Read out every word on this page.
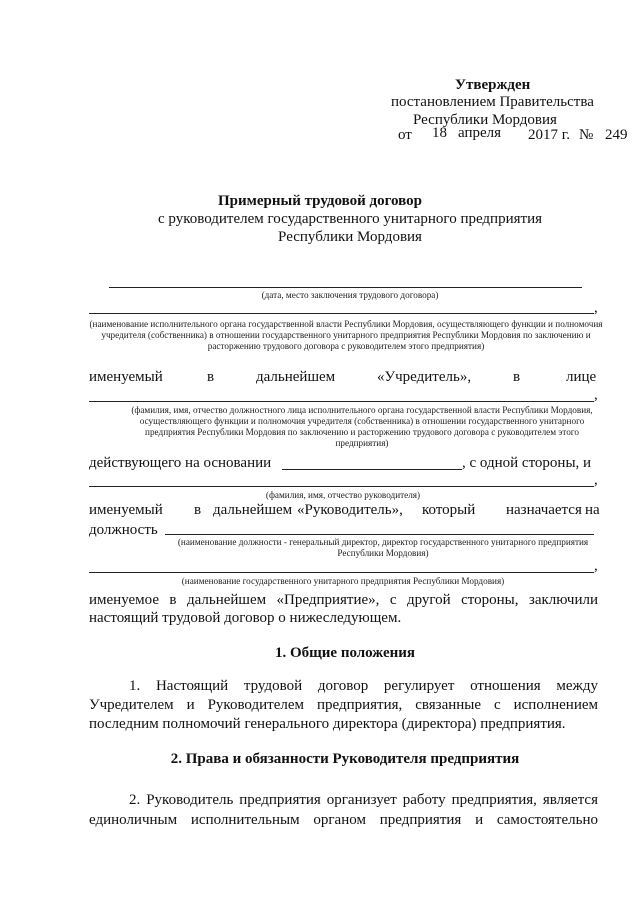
Утвержден
постановлением Правительства
Республики Мордовия
от 18 апреля 2017 г. № 249
Примерный трудовой договор
с руководителем государственного унитарного предприятия
Республики Мордовия
(дата, место заключения трудового договора)
,
(наименование исполнительного органа государственной власти Республики Мордовия, осуществляющего функции и полномочия учредителя (собственника) в отношении государственного унитарного предприятия Республики Мордовия по заключению и расторжению трудового договора с руководителем этого предприятия)
именуемый	в	дальнейшем	«Учредитель»,	в	лице
,
(фамилия, имя, отчество должностного лица исполнительного органа государственной власти Республики Мордовия, осуществляющего функции и полномочия учредителя (собственника) в отношении государственного унитарного предприятия Республики Мордовия по заключению и расторжению трудового договора с руководителем этого предприятия)
действующего на основании	, с одной стороны, и
,
(фамилия, имя, отчество руководителя)
именуемый в дальнейшем «Руководитель», который назначается на
должность
(наименование должности - генеральный директор, директор государственного унитарного предприятия Республики Мордовия)
,
(наименование государственного унитарного предприятия Республики Мордовия)
именуемое в дальнейшем «Предприятие», с другой стороны, заключили
настоящий трудовой договор о нижеследующем.
1. Общие положения
1. Настоящий трудовой договор регулирует отношения между
Учредителем и Руководителем предприятия, связанные с исполнением
последним полномочий генерального директора (директора) предприятия.
2. Права и обязанности Руководителя предприятия
2. Руководитель предприятия организует работу предприятия, является
единоличным исполнительным органом предприятия и самостоятельно
